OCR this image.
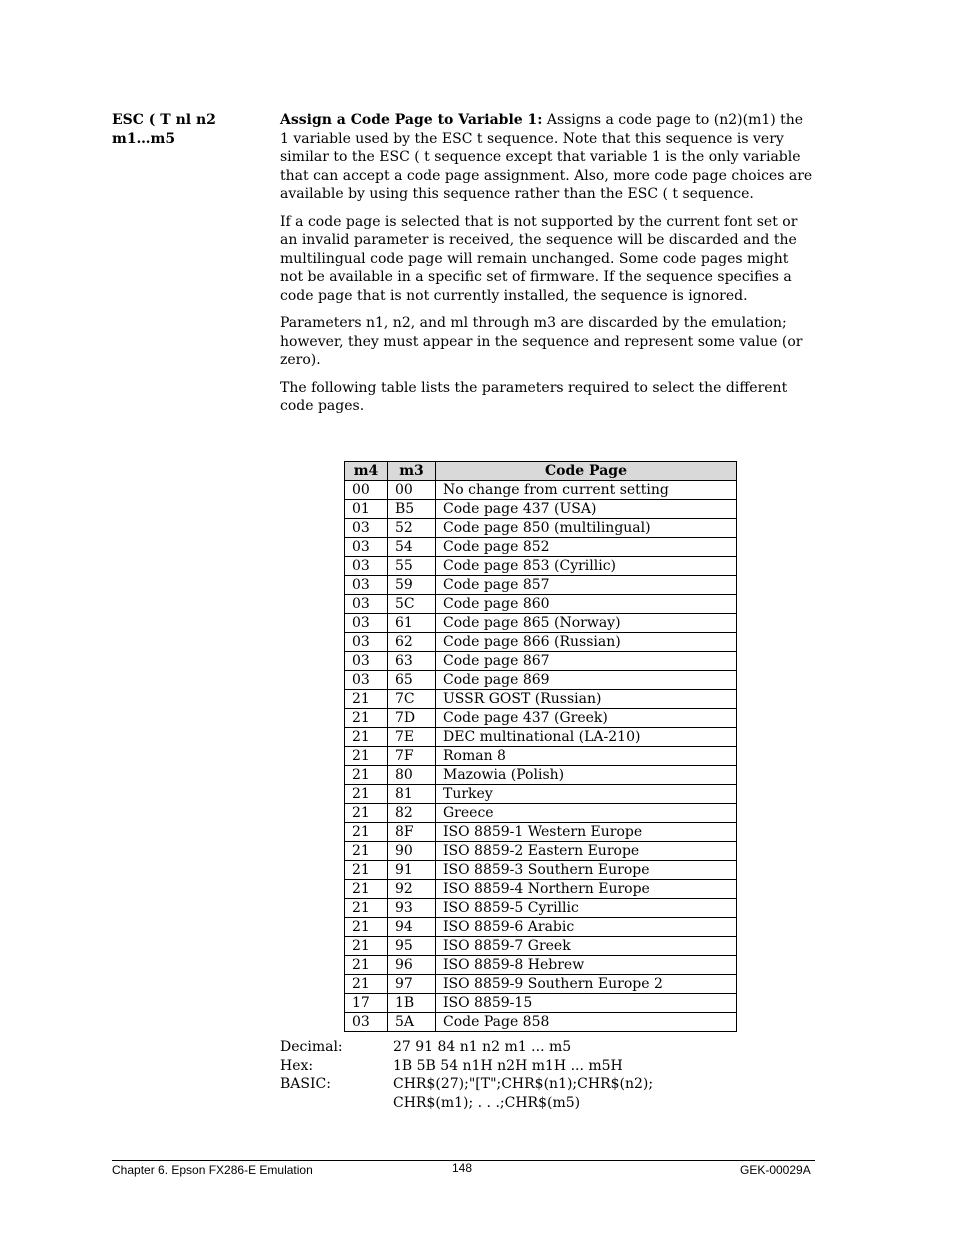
ESC ( T nl n2
m1…m5

Assign a Code Page to Variable 1: Assigns a code page to (n2)(m1) the 1 variable used by the ESC t sequence. Note that this sequence is very similar to the ESC ( t sequence except that variable 1 is the only variable that can accept a code page assignment. Also, more code page choices are available by using this sequence rather than the ESC ( t sequence.

If a code page is selected that is not supported by the current font set or an invalid parameter is received, the sequence will be discarded and the multilingual code page will remain unchanged. Some code pages might not be available in a specific set of firmware. If the sequence specifies a code page that is not currently installed, the sequence is ignored.

Parameters n1, n2, and ml through m3 are discarded by the emulation; however, they must appear in the sequence and represent some value (or zero).

The following table lists the parameters required to select the different code pages.

m4	m3	Code Page
00	00	No change from current setting
01	B5	Code page 437 (USA)
03	52	Code page 850 (multilingual)
03	54	Code page 852
03	55	Code page 853 (Cyrillic)
03	59	Code page 857
03	5C	Code page 860
03	61	Code page 865 (Norway)
03	62	Code page 866 (Russian)
03	63	Code page 867
03	65	Code page 869
21	7C	USSR GOST (Russian)
21	7D	Code page 437 (Greek)
21	7E	DEC multinational (LA-210)
21	7F	Roman 8
21	80	Mazowia (Polish)
21	81	Turkey
21	82	Greece
21	8F	ISO 8859-1 Western Europe
21	90	ISO 8859-2 Eastern Europe
21	91	ISO 8859-3 Southern Europe
21	92	ISO 8859-4 Northern Europe
21	93	ISO 8859-5 Cyrillic
21	94	ISO 8859-6 Arabic
21	95	ISO 8859-7 Greek
21	96	ISO 8859-8 Hebrew
21	97	ISO 8859-9 Southern Europe 2
17	1B	ISO 8859-15
03	5A	Code Page 858
Decimal:	27 91 84 n1 n2 m1 ... m5
Hex:	1B 5B 54 n1H n2H m1H ... m5H
BASIC:	CHR$(27);"[T";CHR$(n1);CHR$(n2);
CHR$(m1); . . .;CHR$(m5)
Chapter 6. Epson FX286-E Emulation	148	GEK-00029A
